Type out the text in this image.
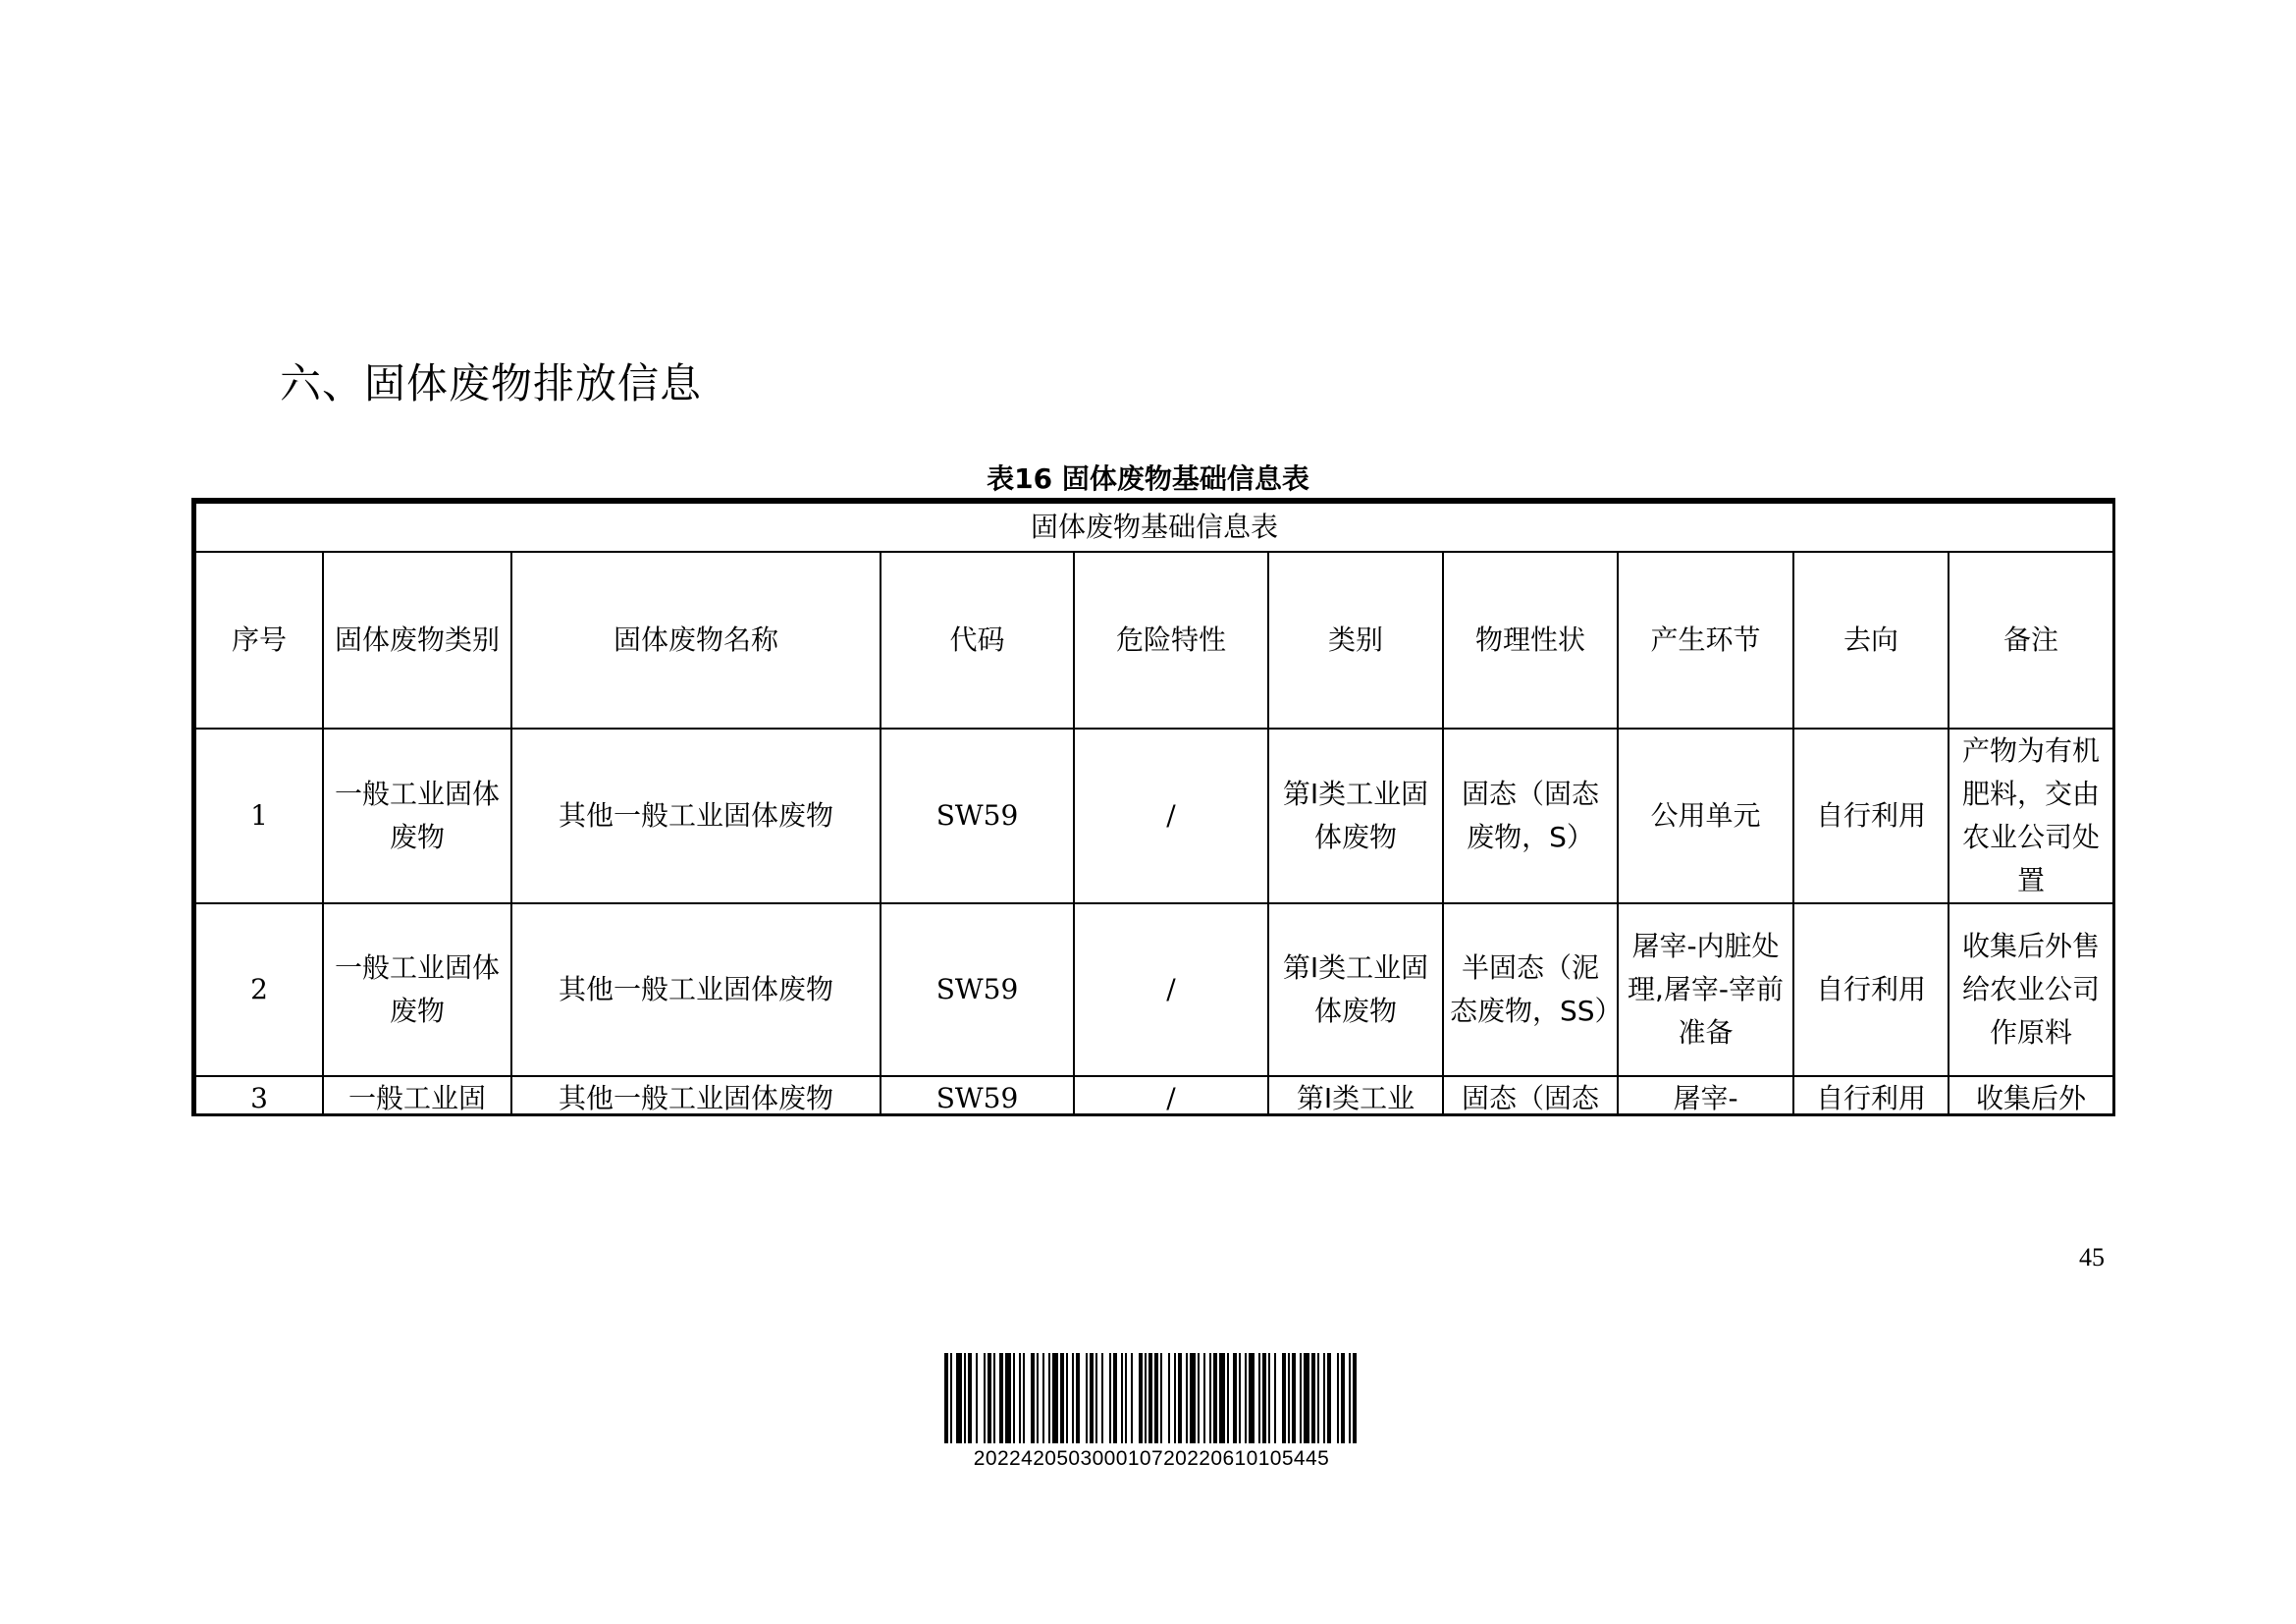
六、固体废物排放信息
表16 固体废物基础信息表
固体废物基础信息表									
序号	固体废物类别	固体废物名称	代码	危险特性	类别	物理性状	产生环节	去向	备注
1	一般工业固体废物	其他一般工业固体废物	SW59	/	第Ⅰ类工业固体废物	固态（固态废物，S）	公用单元	自行利用	产物为有机肥料，交由农业公司处置
2	一般工业固体废物	其他一般工业固体废物	SW59	/	第Ⅰ类工业固体废物	半固态（泥态废物，SS）	屠宰-内脏处理,屠宰-宰前准备	自行利用	收集后外售给农业公司作原料
3	一般工业固	其他一般工业固体废物	SW59	/	第Ⅰ类工业	固态（固态	屠宰-	自行利用	收集后外
45
20224205030001072022061010544​5
